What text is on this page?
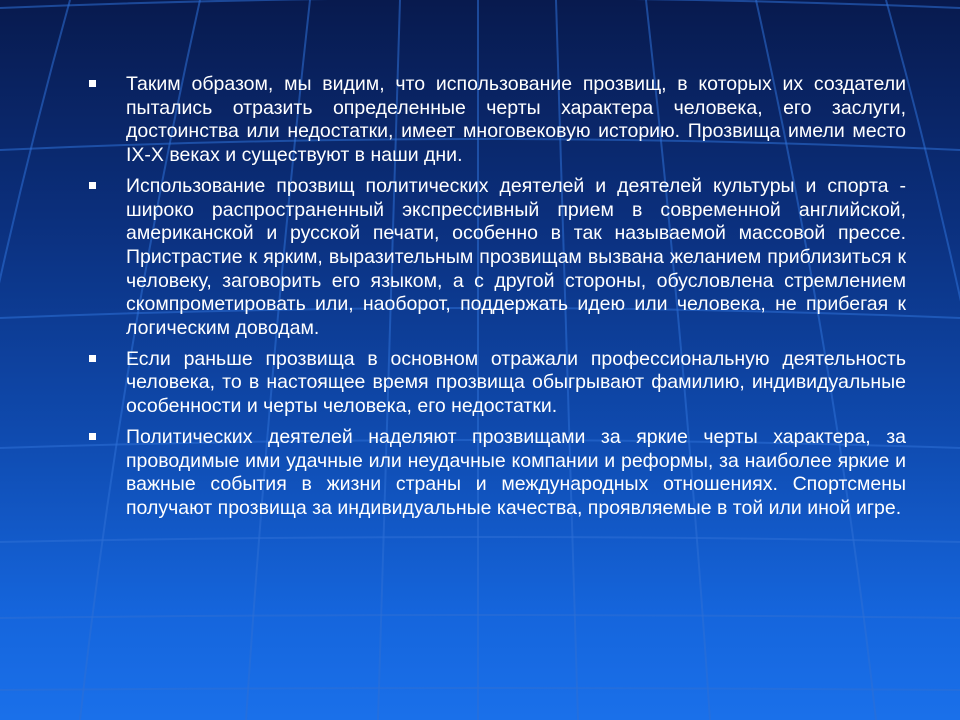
Таким образом, мы видим, что использование прозвищ, в которых их создатели пытались отразить определенные черты характера человека, его заслуги, достоинства или недостатки, имеет многовековую историю. Прозвища имели место IX-X веках и существуют в наши дни.
Использование прозвищ политических деятелей и деятелей культуры и спорта - широко распространенный экспрессивный прием в современной английской, американской и русской печати, особенно в так называемой массовой прессе. Пристрастие к ярким, выразительным прозвищам вызвана желанием приблизиться к человеку, заговорить его языком, а с другой стороны, обусловлена стремлением скомпрометировать или, наоборот, поддержать идею или человека, не прибегая к логическим доводам.
Если раньше прозвища в основном отражали профессиональную деятельность человека, то в настоящее время прозвища обыгрывают фамилию, индивидуальные особенности и черты человека, его недостатки.
Политических деятелей наделяют прозвищами за яркие черты характера, за проводимые ими удачные или неудачные компании и реформы, за наиболее яркие и важные события в жизни страны и международных отношениях. Спортсмены получают прозвища за индивидуальные качества, проявляемые в той или иной игре.
